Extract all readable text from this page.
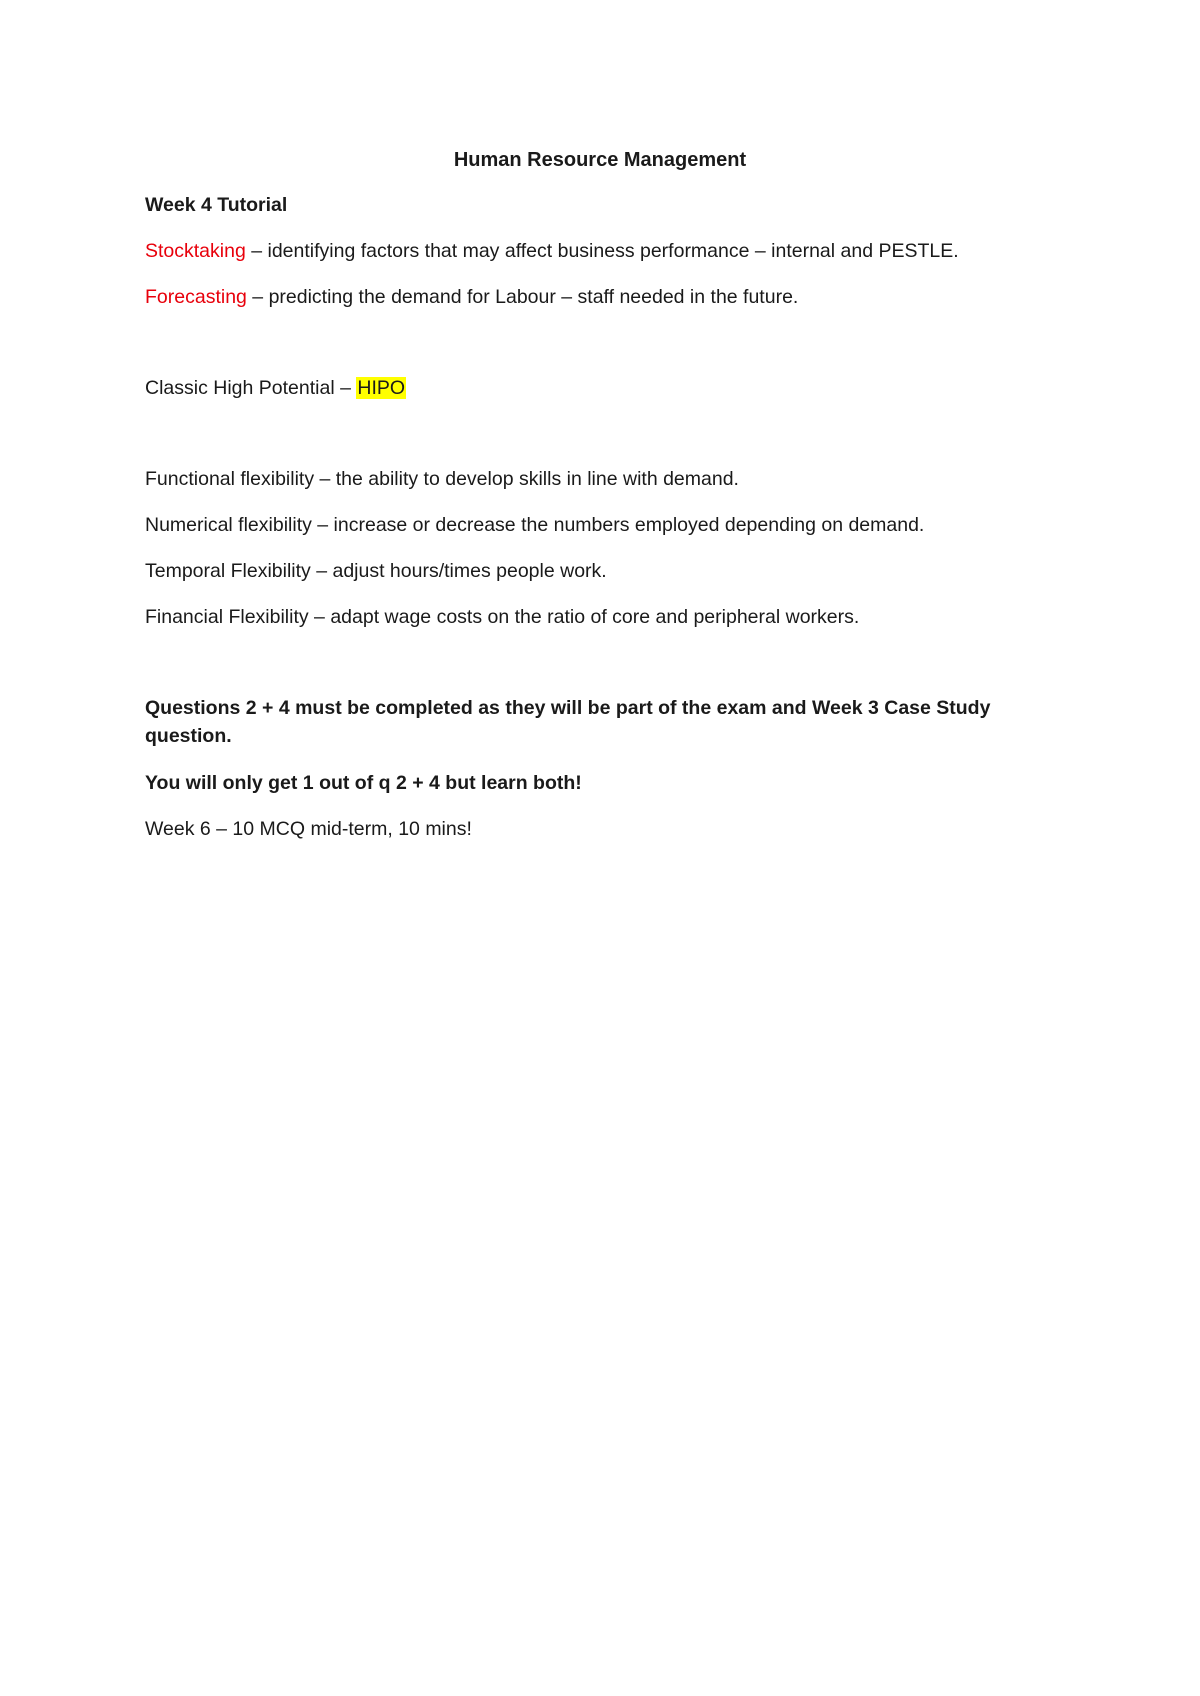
Human Resource Management
Week 4 Tutorial
Stocktaking – identifying factors that may affect business performance – internal and PESTLE.
Forecasting – predicting the demand for Labour – staff needed in the future.
Classic High Potential – HIPO
Functional flexibility – the ability to develop skills in line with demand.
Numerical flexibility – increase or decrease the numbers employed depending on demand.
Temporal Flexibility – adjust hours/times people work.
Financial Flexibility – adapt wage costs on the ratio of core and peripheral workers.
Questions 2 + 4 must be completed as they will be part of the exam and Week 3 Case Study question.
You will only get 1 out of q 2 + 4 but learn both!
Week 6 – 10 MCQ mid-term, 10 mins!
